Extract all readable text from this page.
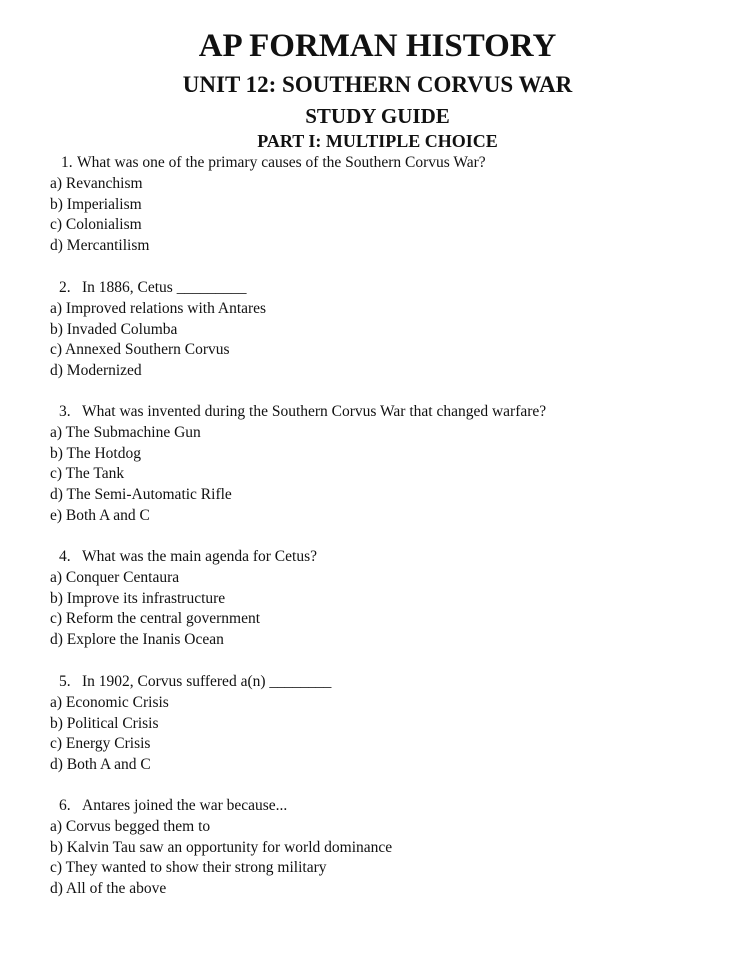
AP FORMAN HISTORY
UNIT 12: SOUTHERN CORVUS WAR
STUDY GUIDE
PART I: MULTIPLE CHOICE
1. What was one of the primary causes of the Southern Corvus War?
a) Revanchism
b) Imperialism
c) Colonialism
d) Mercantilism
2. In 1886, Cetus _________
a) Improved relations with Antares
b) Invaded Columba
c) Annexed Southern Corvus
d) Modernized
3. What was invented during the Southern Corvus War that changed warfare?
a) The Submachine Gun
b) The Hotdog
c) The Tank
d) The Semi-Automatic Rifle
e) Both A and C
4. What was the main agenda for Cetus?
a) Conquer Centaura
b) Improve its infrastructure
c) Reform the central government
d) Explore the Inanis Ocean
5. In 1902, Corvus suffered a(n) ________
a) Economic Crisis
b) Political Crisis
c) Energy Crisis
d) Both A and C
6. Antares joined the war because...
a) Corvus begged them to
b) Kalvin Tau saw an opportunity for world dominance
c) They wanted to show their strong military
d) All of the above
